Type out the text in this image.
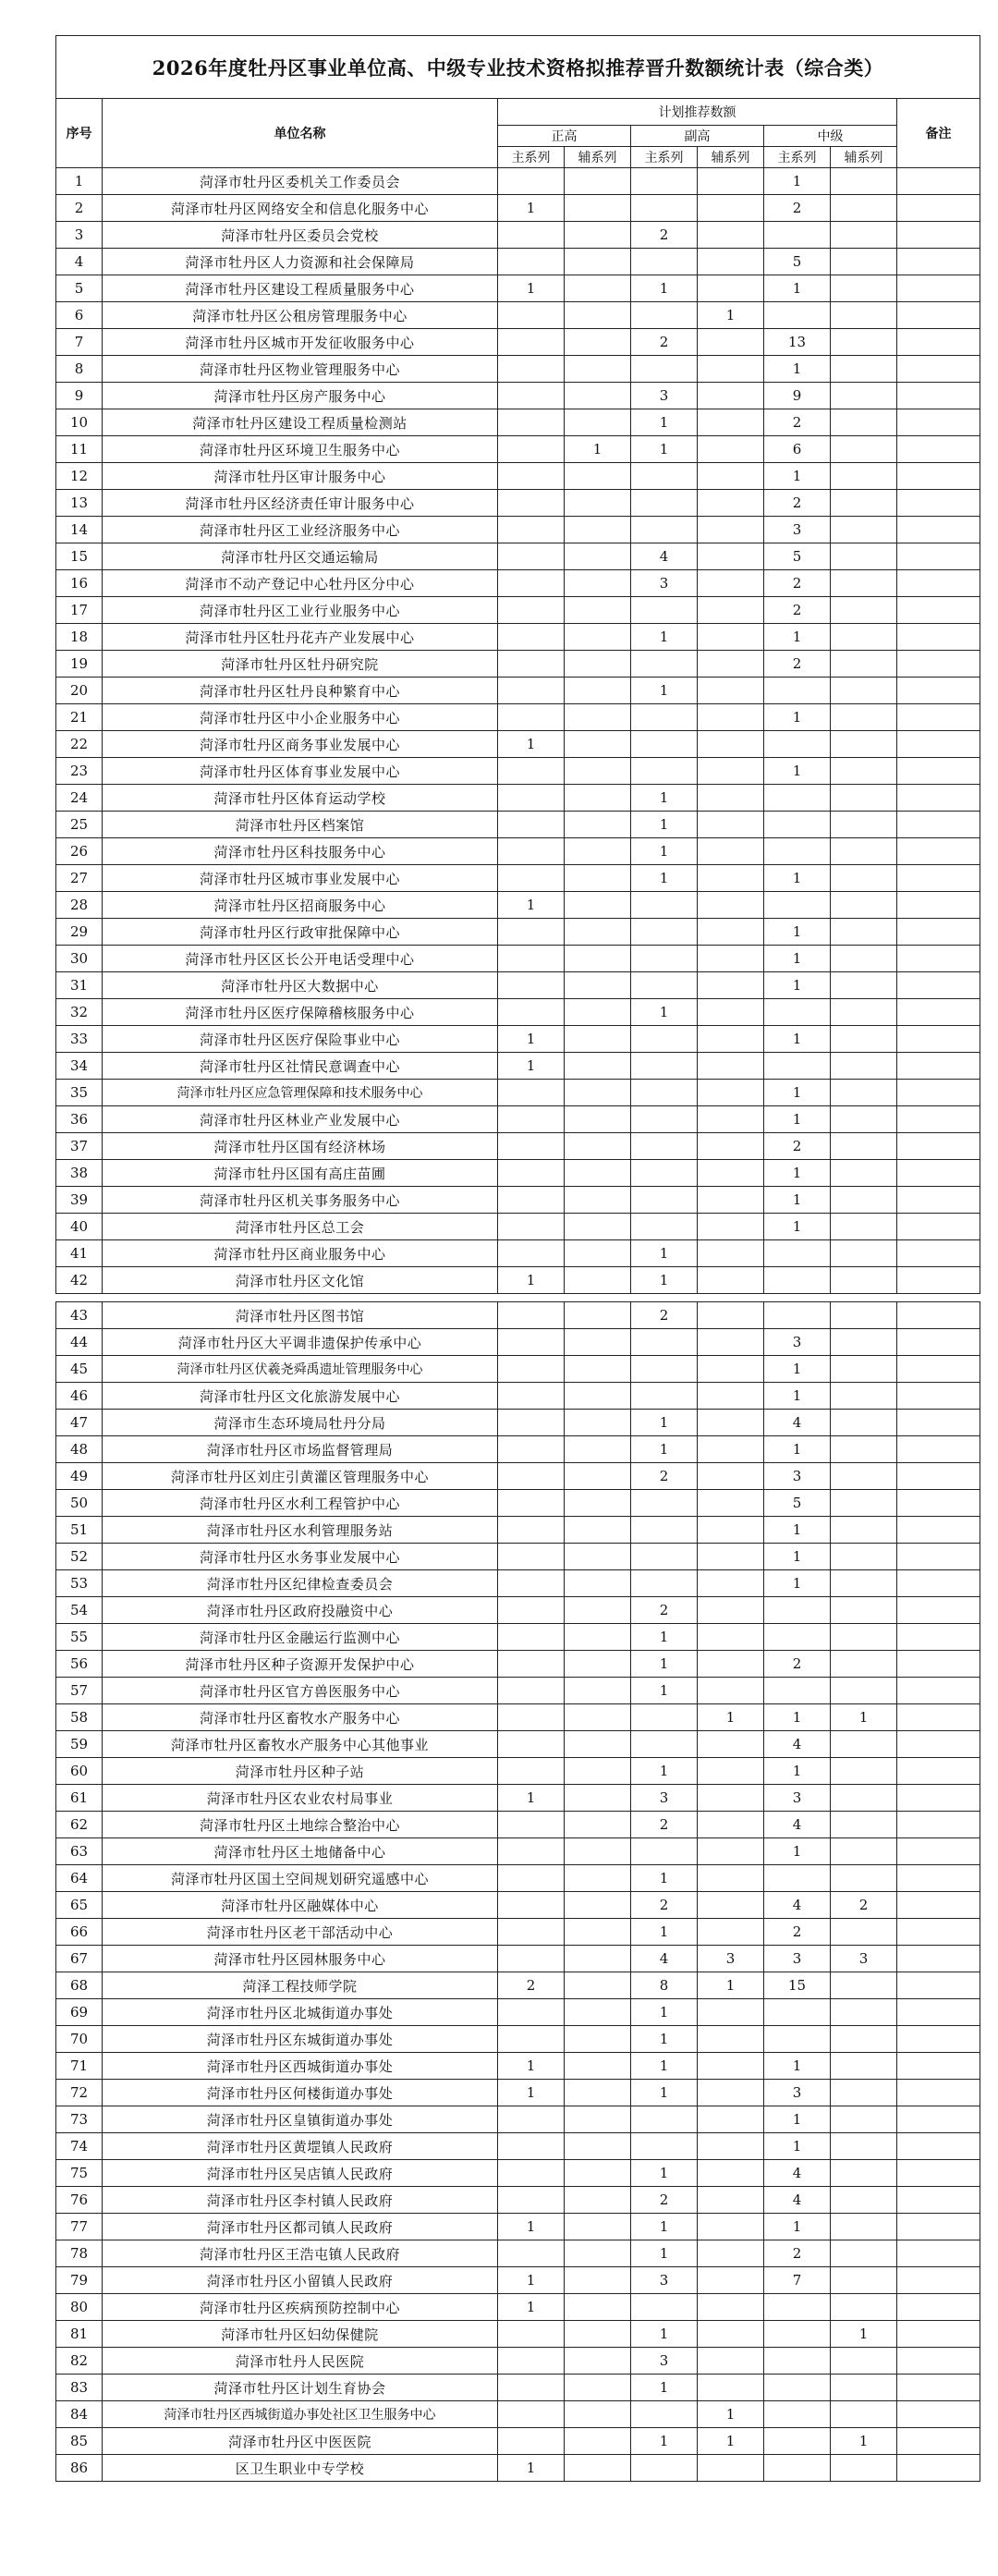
2026年度牡丹区事业单位高、中级专业技术资格拟推荐晋升数额统计表（综合类）								
序号	单位名称	计划推荐数额						备注
		正高		副高		中级		
		主系列	辅系列	主系列	辅系列	主系列	辅系列	
1	菏泽市牡丹区委机关工作委员会					1		
2	菏泽市牡丹区网络安全和信息化服务中心	1				2		
3	菏泽市牡丹区委员会党校			2				
4	菏泽市牡丹区人力资源和社会保障局					5		
5	菏泽市牡丹区建设工程质量服务中心	1		1		1		
6	菏泽市牡丹区公租房管理服务中心				1			
7	菏泽市牡丹区城市开发征收服务中心			2		13		
8	菏泽市牡丹区物业管理服务中心					1		
9	菏泽市牡丹区房产服务中心			3		9		
10	菏泽市牡丹区建设工程质量检测站			1		2		
11	菏泽市牡丹区环境卫生服务中心		1	1		6		
12	菏泽市牡丹区审计服务中心					1		
13	菏泽市牡丹区经济责任审计服务中心					2		
14	菏泽市牡丹区工业经济服务中心					3		
15	菏泽市牡丹区交通运输局			4		5		
16	菏泽市不动产登记中心牡丹区分中心			3		2		
17	菏泽市牡丹区工业行业服务中心					2		
18	菏泽市牡丹区牡丹花卉产业发展中心			1		1		
19	菏泽市牡丹区牡丹研究院					2		
20	菏泽市牡丹区牡丹良种繁育中心			1				
21	菏泽市牡丹区中小企业服务中心					1		
22	菏泽市牡丹区商务事业发展中心	1						
23	菏泽市牡丹区体育事业发展中心					1		
24	菏泽市牡丹区体育运动学校			1				
25	菏泽市牡丹区档案馆			1				
26	菏泽市牡丹区科技服务中心			1				
27	菏泽市牡丹区城市事业发展中心			1		1		
28	菏泽市牡丹区招商服务中心	1						
29	菏泽市牡丹区行政审批保障中心					1		
30	菏泽市牡丹区区长公开电话受理中心					1		
31	菏泽市牡丹区大数据中心					1		
32	菏泽市牡丹区医疗保障稽核服务中心			1				
33	菏泽市牡丹区医疗保险事业中心	1				1		
34	菏泽市牡丹区社情民意调查中心	1						
35	菏泽市牡丹区应急管理保障和技术服务中心					1		
36	菏泽市牡丹区林业产业发展中心					1		
37	菏泽市牡丹区国有经济林场					2		
38	菏泽市牡丹区国有高庄苗圃					1		
39	菏泽市牡丹区机关事务服务中心					1		
40	菏泽市牡丹区总工会					1		
41	菏泽市牡丹区商业服务中心			1				
42	菏泽市牡丹区文化馆	1		1				

43	菏泽市牡丹区图书馆			2				
44	菏泽市牡丹区大平调非遗保护传承中心					3		
45	菏泽市牡丹区伏羲尧舜禹遗址管理服务中心					1		
46	菏泽市牡丹区文化旅游发展中心					1		
47	菏泽市生态环境局牡丹分局			1		4		
48	菏泽市牡丹区市场监督管理局			1		1		
49	菏泽市牡丹区刘庄引黄灌区管理服务中心			2		3		
50	菏泽市牡丹区水利工程管护中心					5		
51	菏泽市牡丹区水利管理服务站					1		
52	菏泽市牡丹区水务事业发展中心					1		
53	菏泽市牡丹区纪律检查委员会					1		
54	菏泽市牡丹区政府投融资中心			2				
55	菏泽市牡丹区金融运行监测中心			1				
56	菏泽市牡丹区种子资源开发保护中心			1		2		
57	菏泽市牡丹区官方兽医服务中心			1				
58	菏泽市牡丹区畜牧水产服务中心				1	1	1	
59	菏泽市牡丹区畜牧水产服务中心其他事业					4		
60	菏泽市牡丹区种子站			1		1		
61	菏泽市牡丹区农业农村局事业	1		3		3		
62	菏泽市牡丹区土地综合整治中心			2		4		
63	菏泽市牡丹区土地储备中心					1		
64	菏泽市牡丹区国土空间规划研究遥感中心			1				
65	菏泽市牡丹区融媒体中心			2		4	2	
66	菏泽市牡丹区老干部活动中心			1		2		
67	菏泽市牡丹区园林服务中心			4	3	3	3	
68	菏泽工程技师学院	2		8	1	15		
69	菏泽市牡丹区北城街道办事处			1				
70	菏泽市牡丹区东城街道办事处			1				
71	菏泽市牡丹区西城街道办事处	1		1		1		
72	菏泽市牡丹区何楼街道办事处	1		1		3		
73	菏泽市牡丹区皇镇街道办事处					1		
74	菏泽市牡丹区黄堽镇人民政府					1		
75	菏泽市牡丹区吴店镇人民政府			1		4		
76	菏泽市牡丹区李村镇人民政府			2		4		
77	菏泽市牡丹区都司镇人民政府	1		1		1		
78	菏泽市牡丹区王浩屯镇人民政府			1		2		
79	菏泽市牡丹区小留镇人民政府	1		3		7		
80	菏泽市牡丹区疾病预防控制中心	1						
81	菏泽市牡丹区妇幼保健院			1			1	
82	菏泽市牡丹人民医院			3				
83	菏泽市牡丹区计划生育协会			1				
84	菏泽市牡丹区西城街道办事处社区卫生服务中心				1			
85	菏泽市牡丹区中医医院			1	1		1	
86	区卫生职业中专学校	1						
